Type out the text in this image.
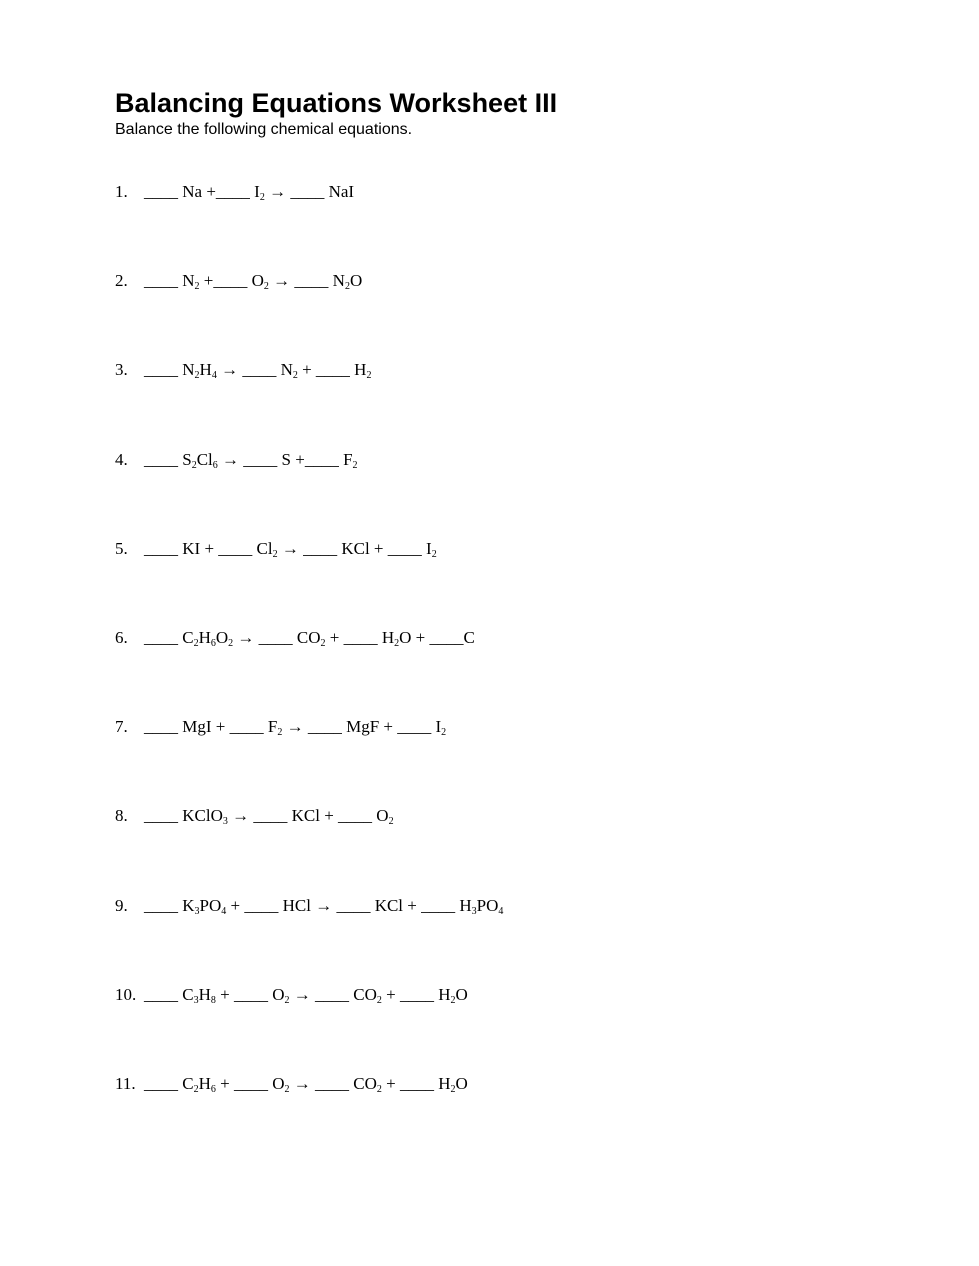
Balancing Equations Worksheet III

Balance the following chemical equations.

1. ____ Na +____ $I_2$ → ____ NaI
2. ____ $N_2$ +____ $O_2$ → ____ $N_2O$
3. ____ $N_2H_4$ → ____ $N_2$ + ____ $H_2$
4. ____ $S_2Cl_6$ → ____ S +____ $F_2$
5. ____ KI + ____ $Cl_2$ → ____ KCl + ____ $I_2$
6. ____ $C_2H_6O_2$ → ____ $CO_2$ + ____ $H_2O$ + ____C
7. ____ MgI + ____ $F_2$ → ____ MgF + ____ $I_2$
8. ____ KClO$_3$ → ____ KCl + ____ $O_2$
9. ____ $K_3PO_4$ + ____ HCl → ____ KCl + ____ $H_3PO_4$
10. ____ $C_3H_8$ + ____ $O_2$ → ____ $CO_2$ + ____ $H_2O$
11. ____ $C_2H_6$ + ____ $O_2$ → ____ $CO_2$ + ____ $H_2O$
